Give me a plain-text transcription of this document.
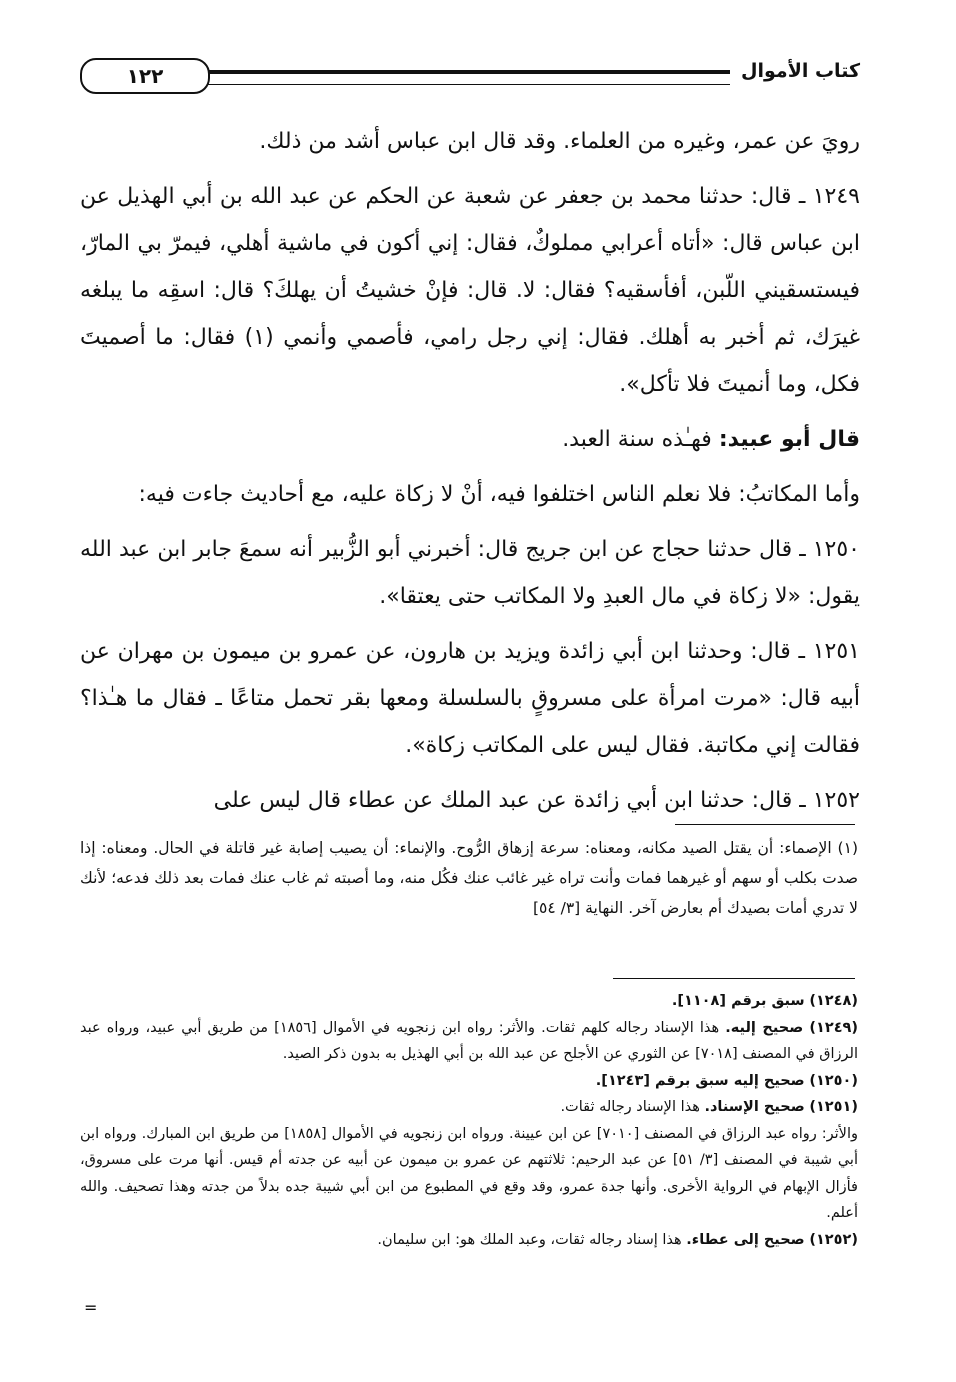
١٢٢	كتاب الأموال

رويَ عن عمر، وغيره من العلماء. وقد قال ابن عباس أشد من ذلك.

١٢٤٩ ـ قال: حدثنا محمد بن جعفر عن شعبة عن الحكم عن عبد الله بن أبي الهذيل عن ابن عباس قال: «أتاه أعرابي مملوكٌ، فقال: إني أكون في ماشية أهلي، فيمرّ بي المارّ، فيستسقيني اللّبن، أفأسقيه؟ فقال: لا. قال: فإنْ خشيتُ أن يهلكَ؟ قال: اسقِه ما يبلغه غيرَك، ثم أخبر به أهلك. فقال: إني رجل رامي، فأصمي وأنمي (١) فقال: ما أصميتَ فكل، وما أنميتَ فلا تأكل».

قال أبو عبيد: فهـٰذه سنة العبد.

وأما المكاتبُ: فلا نعلم الناس اختلفوا فيه، أنْ لا زكاة عليه، مع أحاديث جاءت فيه:

١٢٥٠ ـ قال حدثنا حجاج عن ابن جريج قال: أخبرني أبو الزُّبير أنه سمعَ جابر ابن عبد الله يقول: «لا زكاة في مال العبدِ ولا المكاتب حتى يعتقا».

١٢٥١ ـ قال: وحدثنا ابن أبي زائدة ويزيد بن هارون، عن عمرو بن ميمون بن مهران عن أبيه قال: «مرت امرأة على مسروقٍ بالسلسلة ومعها بقر تحمل متاعًا ـ فقال ما هـٰذا؟ فقالت إني مكاتبة. فقال ليس على المكاتب زكاة».

١٢٥٢ ـ قال: حدثنا ابن أبي زائدة عن عبد الملك عن عطاء قال ليس على

(١) الإصماء: أن يقتل الصيد مكانه، ومعناه: سرعة إزهاق الرُّوح. والإنماء: أن يصيب إصابة غير قاتلة في الحال. ومعناه: إذا صدت بكلب أو سهم أو غيرهما فمات وأنت تراه غير غائب عنك فكُل منه، وما أصبته ثم غاب عنك فمات بعد ذلك فدعه؛ لأنك لا تدري أمات بصيدك أم بعارض آخر. النهاية [٣/ ٥٤]

(١٢٤٨) سبق برقم [١١٠٨].

(١٢٤٩) صحيح إليه. هذا الإسناد رجاله كلهم ثقات. والأثر: رواه ابن زنجويه في الأموال [١٨٥٦] من طريق أبي عبيد، ورواه عبد الرزاق في المصنف [٧٠١٨] عن الثوري عن الأجلح عن عبد الله بن أبي الهذيل به بدون ذكر الصيد.

(١٢٥٠) صحيح إليه سبق برقم [١٢٤٣].

(١٢٥١) صحيح الإسناد. هذا الإسناد رجاله ثقات.

والأثر: رواه عبد الرزاق في المصنف [٧٠١٠] عن ابن عيينة. ورواه ابن زنجويه في الأموال [١٨٥٨] من طريق ابن المبارك. ورواه ابن أبي شيبة في المصنف [٣/ ٥١] عن عبد الرحيم: ثلاثتهم عن عمرو بن ميمون عن أبيه عن جدته أم قيس. أنها مرت على مسروق، فأزال الإبهام في الرواية الأخرى. وأنها جدة عمرو، وقد وقع في المطبوع من ابن أبي شيبة جده بدلاً من جدته وهذا تصحيف. والله أعلم.

(١٢٥٢) صحيح إلى عطاء. هذا إسناد رجاله ثقات، وعبد الملك هو: ابن سليمان.

=
